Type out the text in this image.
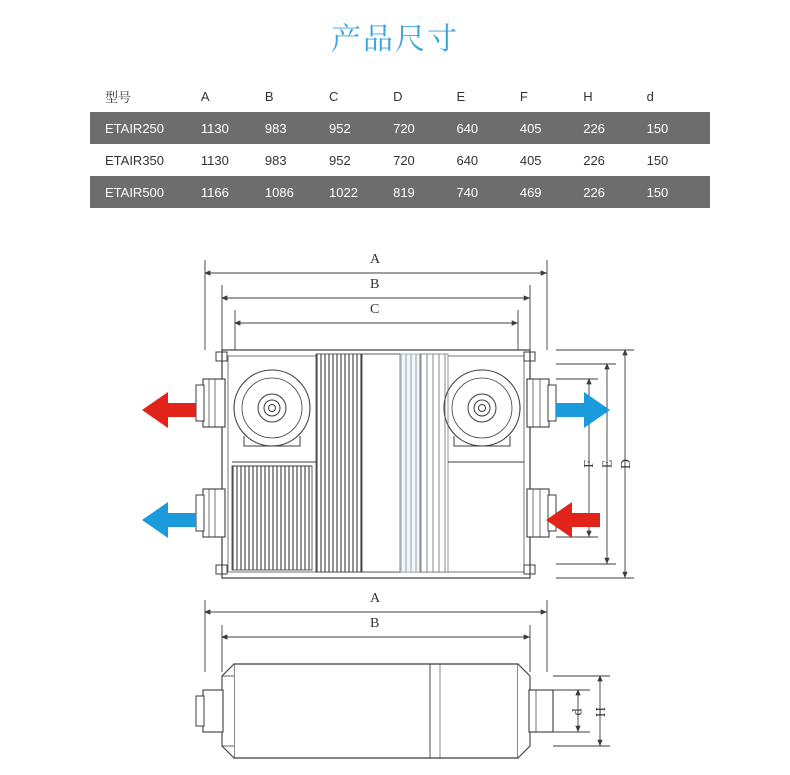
产品尺寸
型号	A	B	C	D	E	F	H	d
ETAIR250	1130	983	952	720	640	405	226	150
ETAIR350	1130	983	952	720	640	405	226	150
ETAIR500	1166	1086	1022	819	740	469	226	150
A
B
C
D
E
F
A
B
d H
